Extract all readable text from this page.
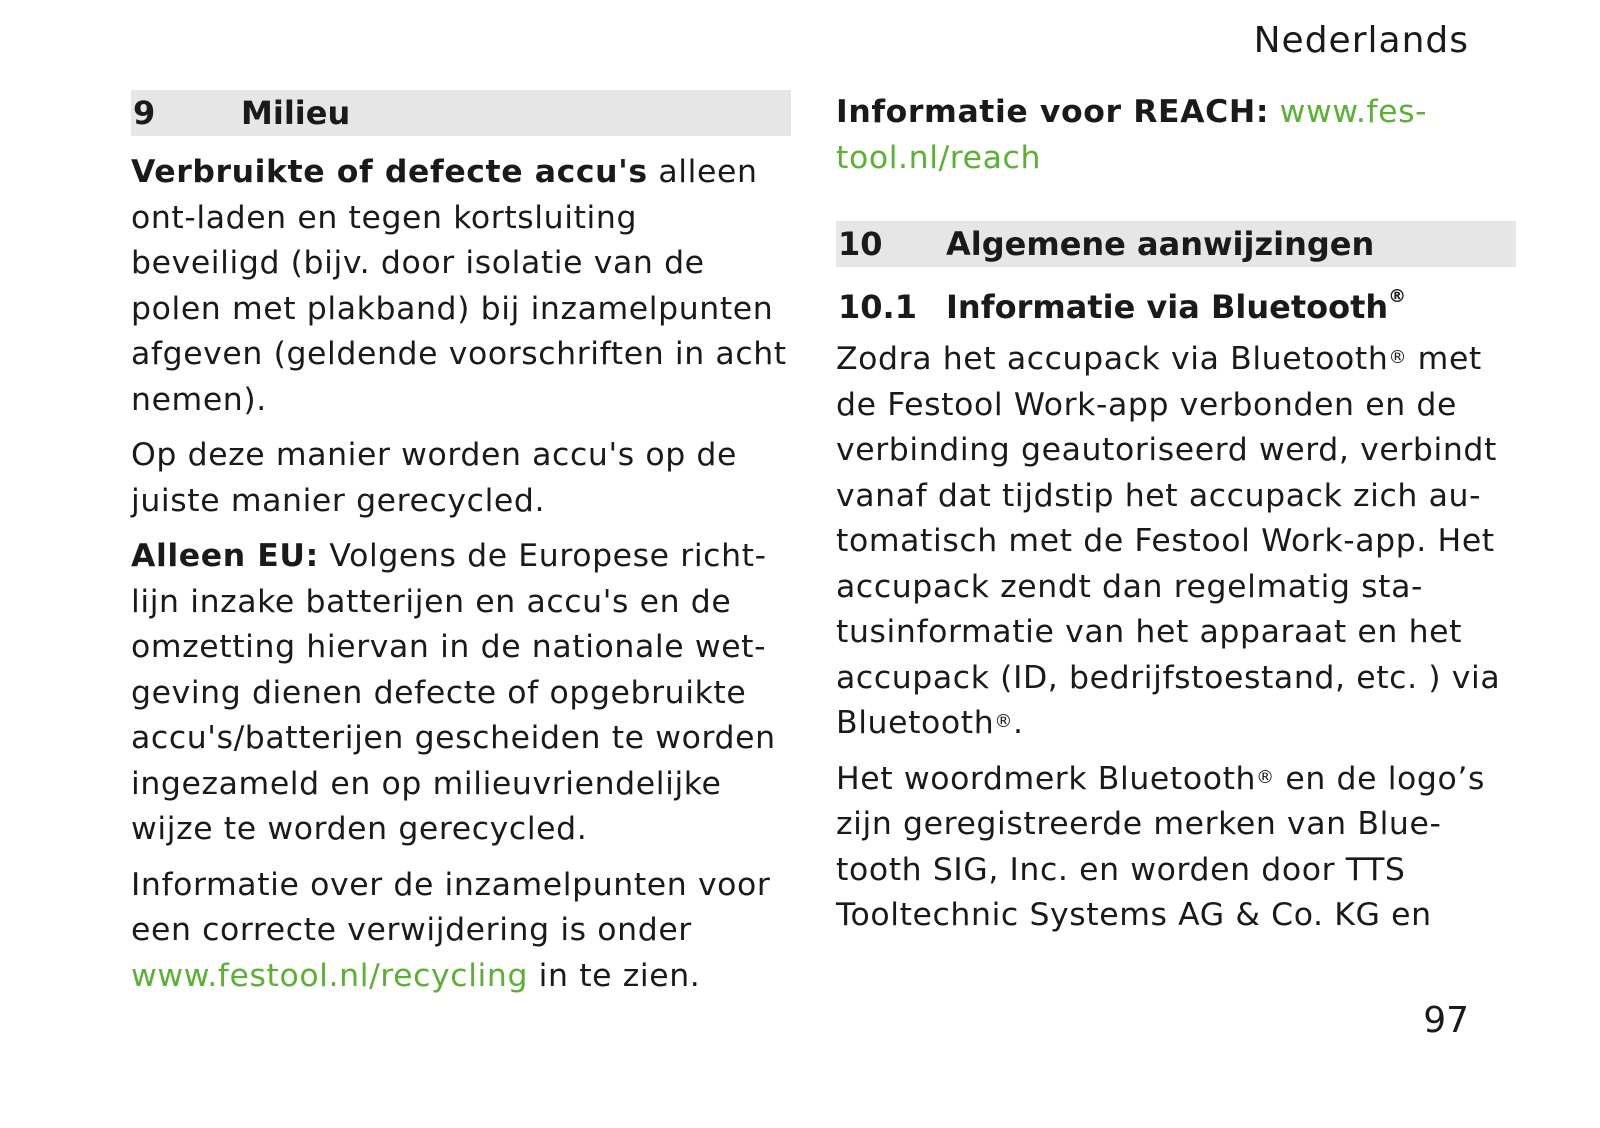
Nederlands
9	Milieu

Verbruikte of defecte accu's alleen ont-laden en tegen kortsluiting beveiligd (bijv. door isolatie van de polen met plakband) bij inzamelpunten afgeven (geldende voorschriften in acht nemen).

Op deze manier worden accu's op de juiste manier gerecycled.

Alleen EU: Volgens de Europese richt-lijn inzake batterijen en accu's en de omzetting hiervan in de nationale wet-geving dienen defecte of opgebruikte accu's/batterijen gescheiden te worden ingezameld en op milieuvriendelijke wijze te worden gerecycled.

Informatie over de inzamelpunten voor een correcte verwijdering is onder www.festool.nl/recycling in te zien.

Informatie voor REACH: www.fes-tool.nl/reach

10	Algemene aanwijzingen
10.1 Informatie via Bluetooth®

Zodra het accupack via Bluetooth® met de Festool Work-app verbonden en de verbinding geautoriseerd werd, verbindt vanaf dat tijdstip het accupack zich au-tomatisch met de Festool Work-app. Het accupack zendt dan regelmatig sta-tusinformatie van het apparaat en het accupack (ID, bedrijfstoestand, etc. ) via Bluetooth®.

Het woordmerk Bluetooth® en de logo’s zijn geregistreerde merken van Blue-tooth SIG, Inc. en worden door TTS Tooltechnic Systems AG & Co. KG en

97
